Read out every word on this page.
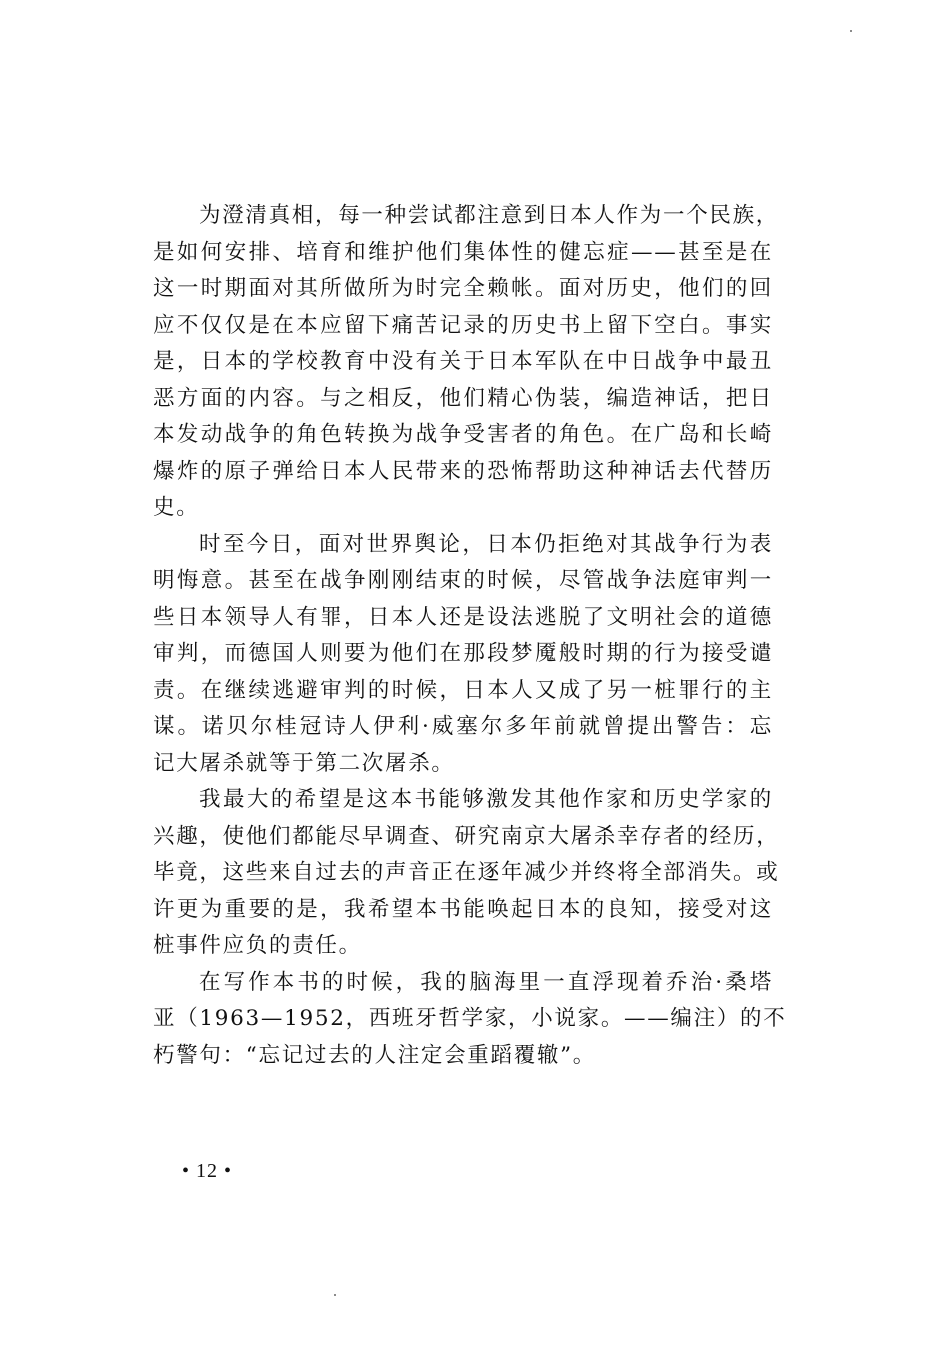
为澄清真相，每一种尝试都注意到日本人作为一个民族，
是如何安排、培育和维护他们集体性的健忘症——甚至是在
这一时期面对其所做所为时完全赖帐。面对历史，他们的回
应不仅仅是在本应留下痛苦记录的历史书上留下空白。事实
是，日本的学校教育中没有关于日本军队在中日战争中最丑
恶方面的内容。与之相反，他们精心伪装，编造神话，把日
本发动战争的角色转换为战争受害者的角色。在广岛和长崎
爆炸的原子弹给日本人民带来的恐怖帮助这种神话去代替历
史。
时至今日，面对世界舆论，日本仍拒绝对其战争行为表
明悔意。甚至在战争刚刚结束的时候，尽管战争法庭审判一
些日本领导人有罪，日本人还是设法逃脱了文明社会的道德
审判，而德国人则要为他们在那段梦魇般时期的行为接受谴
责。在继续逃避审判的时候，日本人又成了另一桩罪行的主
谋。诺贝尔桂冠诗人伊利·威塞尔多年前就曾提出警告：忘
记大屠杀就等于第二次屠杀。
我最大的希望是这本书能够激发其他作家和历史学家的
兴趣，使他们都能尽早调查、研究南京大屠杀幸存者的经历，
毕竟，这些来自过去的声音正在逐年减少并终将全部消失。或
许更为重要的是，我希望本书能唤起日本的良知，接受对这
桩事件应负的责任。
在写作本书的时候，我的脑海里一直浮现着乔治·桑塔
亚（1963—1952，西班牙哲学家，小说家。——编注）的不
朽警句：“忘记过去的人注定会重蹈覆辙”。
• 12 •
